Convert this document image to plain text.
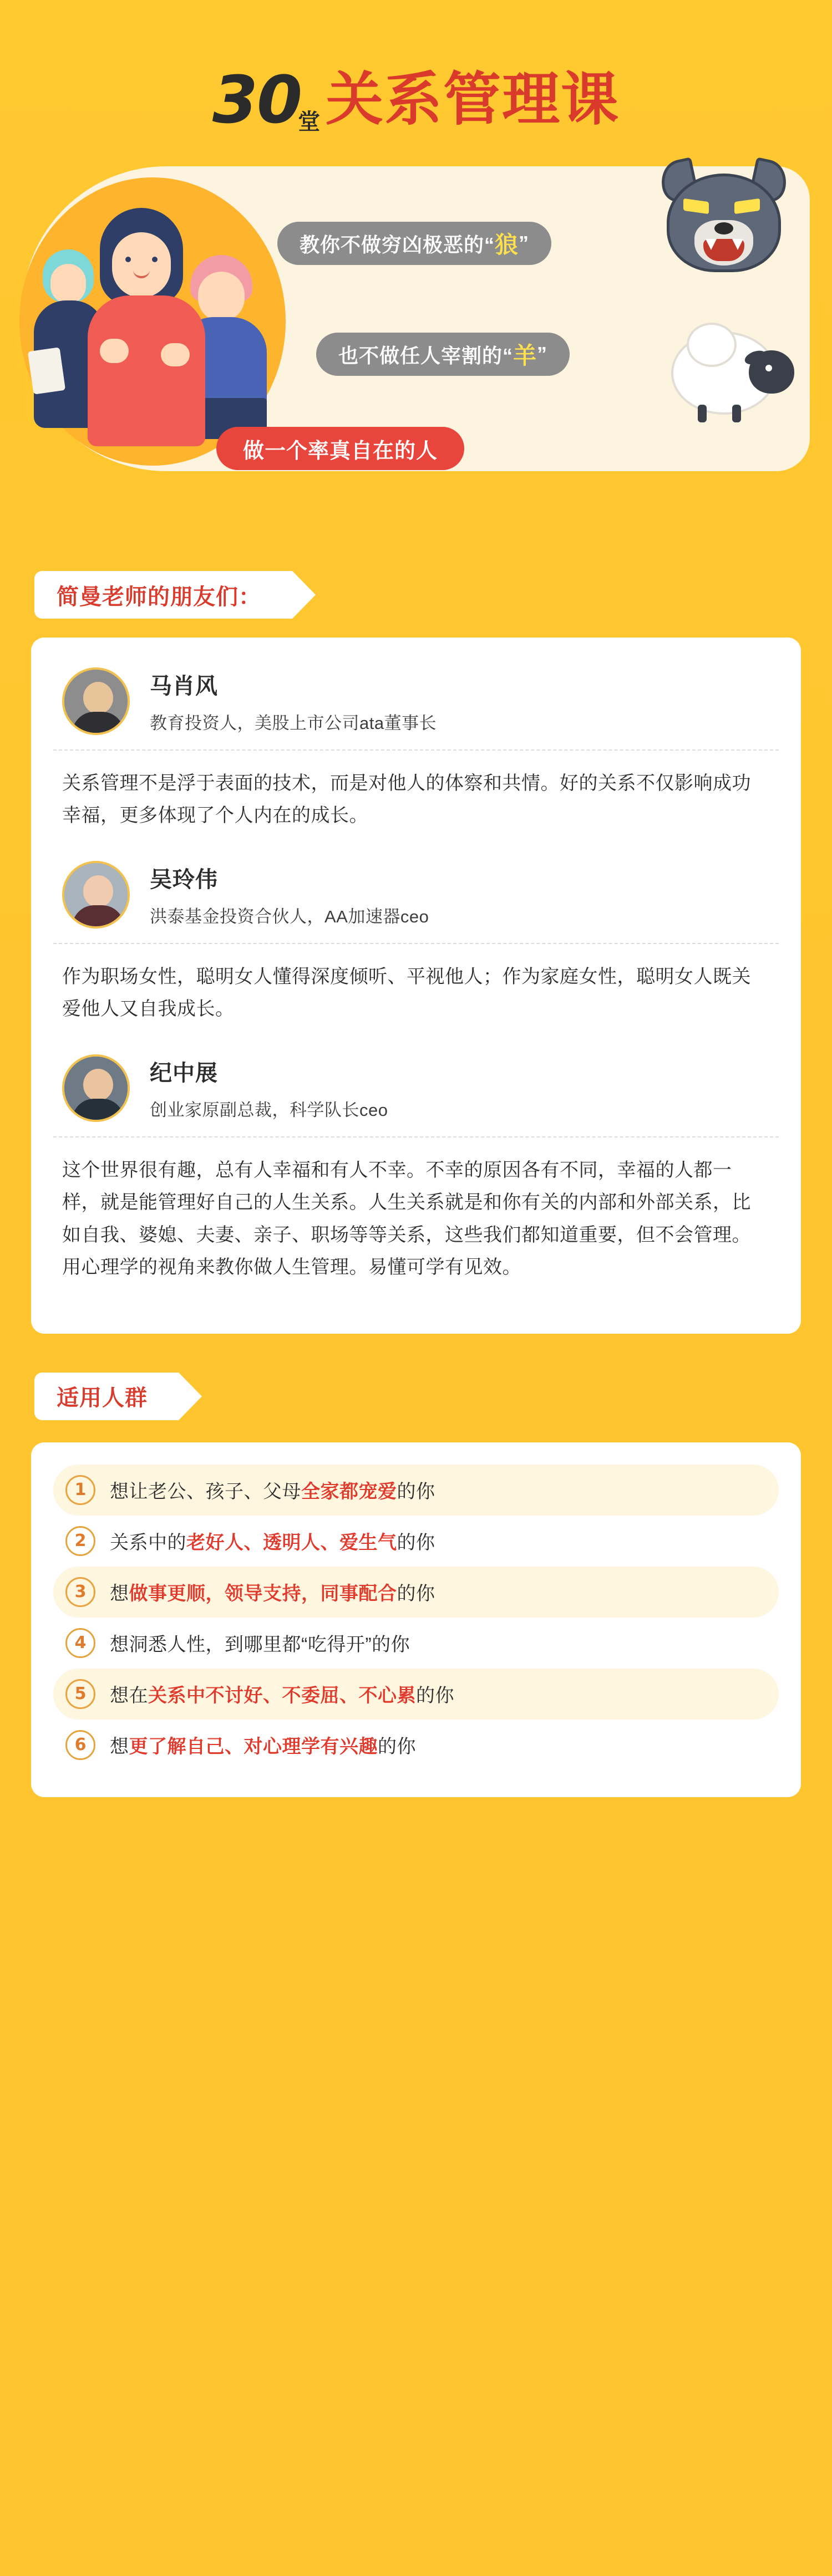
30堂关系管理课
教你不做穷凶极恶的“ 狼 ”
也不做任人宰割的“ 羊 ”
做一个率真自在的人
简曼老师的朋友们：
马肖风
教育投资人，美股上市公司ata董事长
关系管理不是浮于表面的技术，而是对他人的体察和共情。好的关系不仅影响成功幸福，更多体现了个人内在的成长。
吴玲伟
洪泰基金投资合伙人，AA加速器ceo
作为职场女性，聪明女人懂得深度倾听、平视他人；作为家庭女性，聪明女人既关爱他人又自我成长。
纪中展
创业家原副总裁，科学队长ceo
这个世界很有趣，总有人幸福和有人不幸。不幸的原因各有不同，幸福的人都一样，就是能管理好自己的人生关系。人生关系就是和你有关的内部和外部关系，比如自我、婆媳、夫妻、亲子、职场等等关系，这些我们都知道重要，但不会管理。用心理学的视角来教你做人生管理。易懂可学有见效。
适用人群
1	想让老公、孩子、父母全家都宠爱的你
2	关系中的老好人、透明人、爱生气的你
3	想做事更顺，领导支持，同事配合的你
4	想洞悉人性，到哪里都“吃得开”的你
5	想在关系中不讨好、不委屈、不心累的你
6	想更了解自己、对心理学有兴趣的你
